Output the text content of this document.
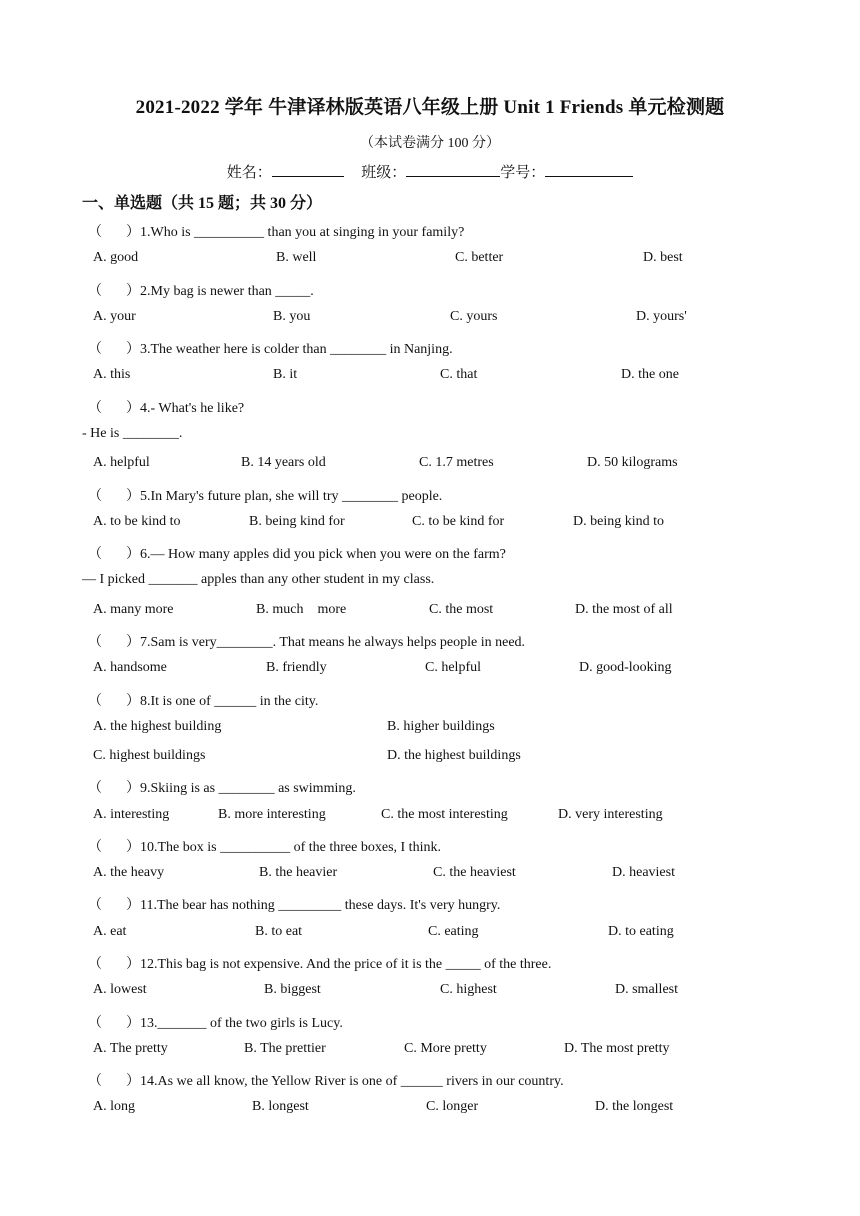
2021-2022 学年 牛津译林版英语八年级上册 Unit 1 Friends 单元检测题
（本试卷满分 100 分）
姓名：	班级：	学号：
一、单选题（共 15 题；共 30 分）
（ ）1.Who is __________ than you at singing in your family?
A. good	B. well	C. better	D. best
（ ）2.My bag is newer than _____.
A. your	B. you	C. yours	D. yours'
（ ）3.The weather here is colder than ________ in Nanjing.
A. this	B. it	C. that	D. the one
（ ）4.- What's he like?
- He is ________.
A. helpful	B. 14 years old	C. 1.7 metres	D. 50 kilograms
（ ）5.In Mary's future plan, she will try ________ people.
A. to be kind to	B. being kind for	C. to be kind for	D. being kind to
（ ）6.— How many apples did you pick when you were on the farm?
— I picked _______ apples than any other student in my class.
A. many more	B. much    more	C. the most	D. the most of all
（ ）7.Sam is very________. That means he always helps people in need.
A. handsome	B. friendly	C. helpful	D. good-looking
（ ）8.It is one of ______ in the city.
A. the highest building	B. higher buildings
C. highest buildings	D. the highest buildings
（ ）9.Skiing is as ________ as swimming.
A. interesting	B. more interesting	C. the most interesting	D. very interesting
（ ）10.The box is __________ of the three boxes, I think.
A. the heavy	B. the heavier	C. the heaviest	D. heaviest
（ ）11.The bear has nothing _________ these days. It's very hungry.
A. eat	B. to eat	C. eating	D. to eating
（ ）12.This bag is not expensive. And the price of it is the _____ of the three.
A. lowest	B. biggest	C. highest	D. smallest
（ ）13._______ of the two girls is Lucy.
A. The pretty	B. The prettier	C. More pretty	D. The most pretty
（ ）14.As we all know, the Yellow River is one of ______ rivers in our country.
A. long	B. longest	C. longer	D. the longest
